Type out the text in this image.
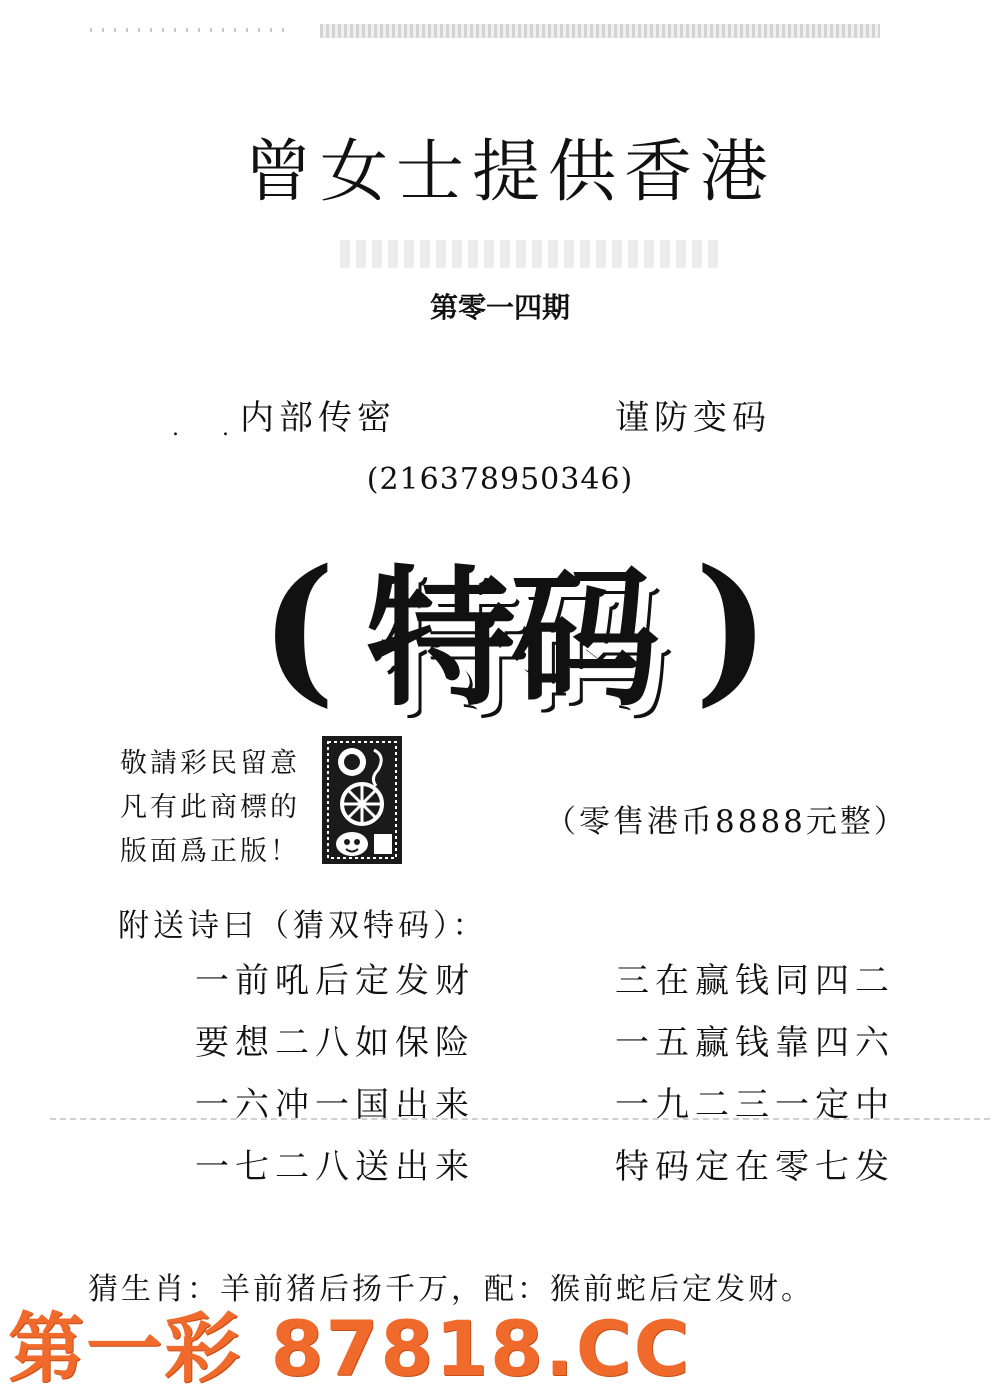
曾女士提供香港
第零一四期
. .
内部传密	谨防变码
(216378950346)
( 特码 )
敬請彩民留意
凡有此商標的
版面爲正版！
（零售港币8888元整）
附送诗曰（猜双特码）：
一前吼后定发财	三在赢钱同四二
要想二八如保险	一五赢钱靠四六
一六冲一国出来	一九二三一定中
一七二八送出来	特码定在零七发
猜生肖：羊前猪后扬千万，配：猴前蛇后定发财。
第一彩 87818.CC
